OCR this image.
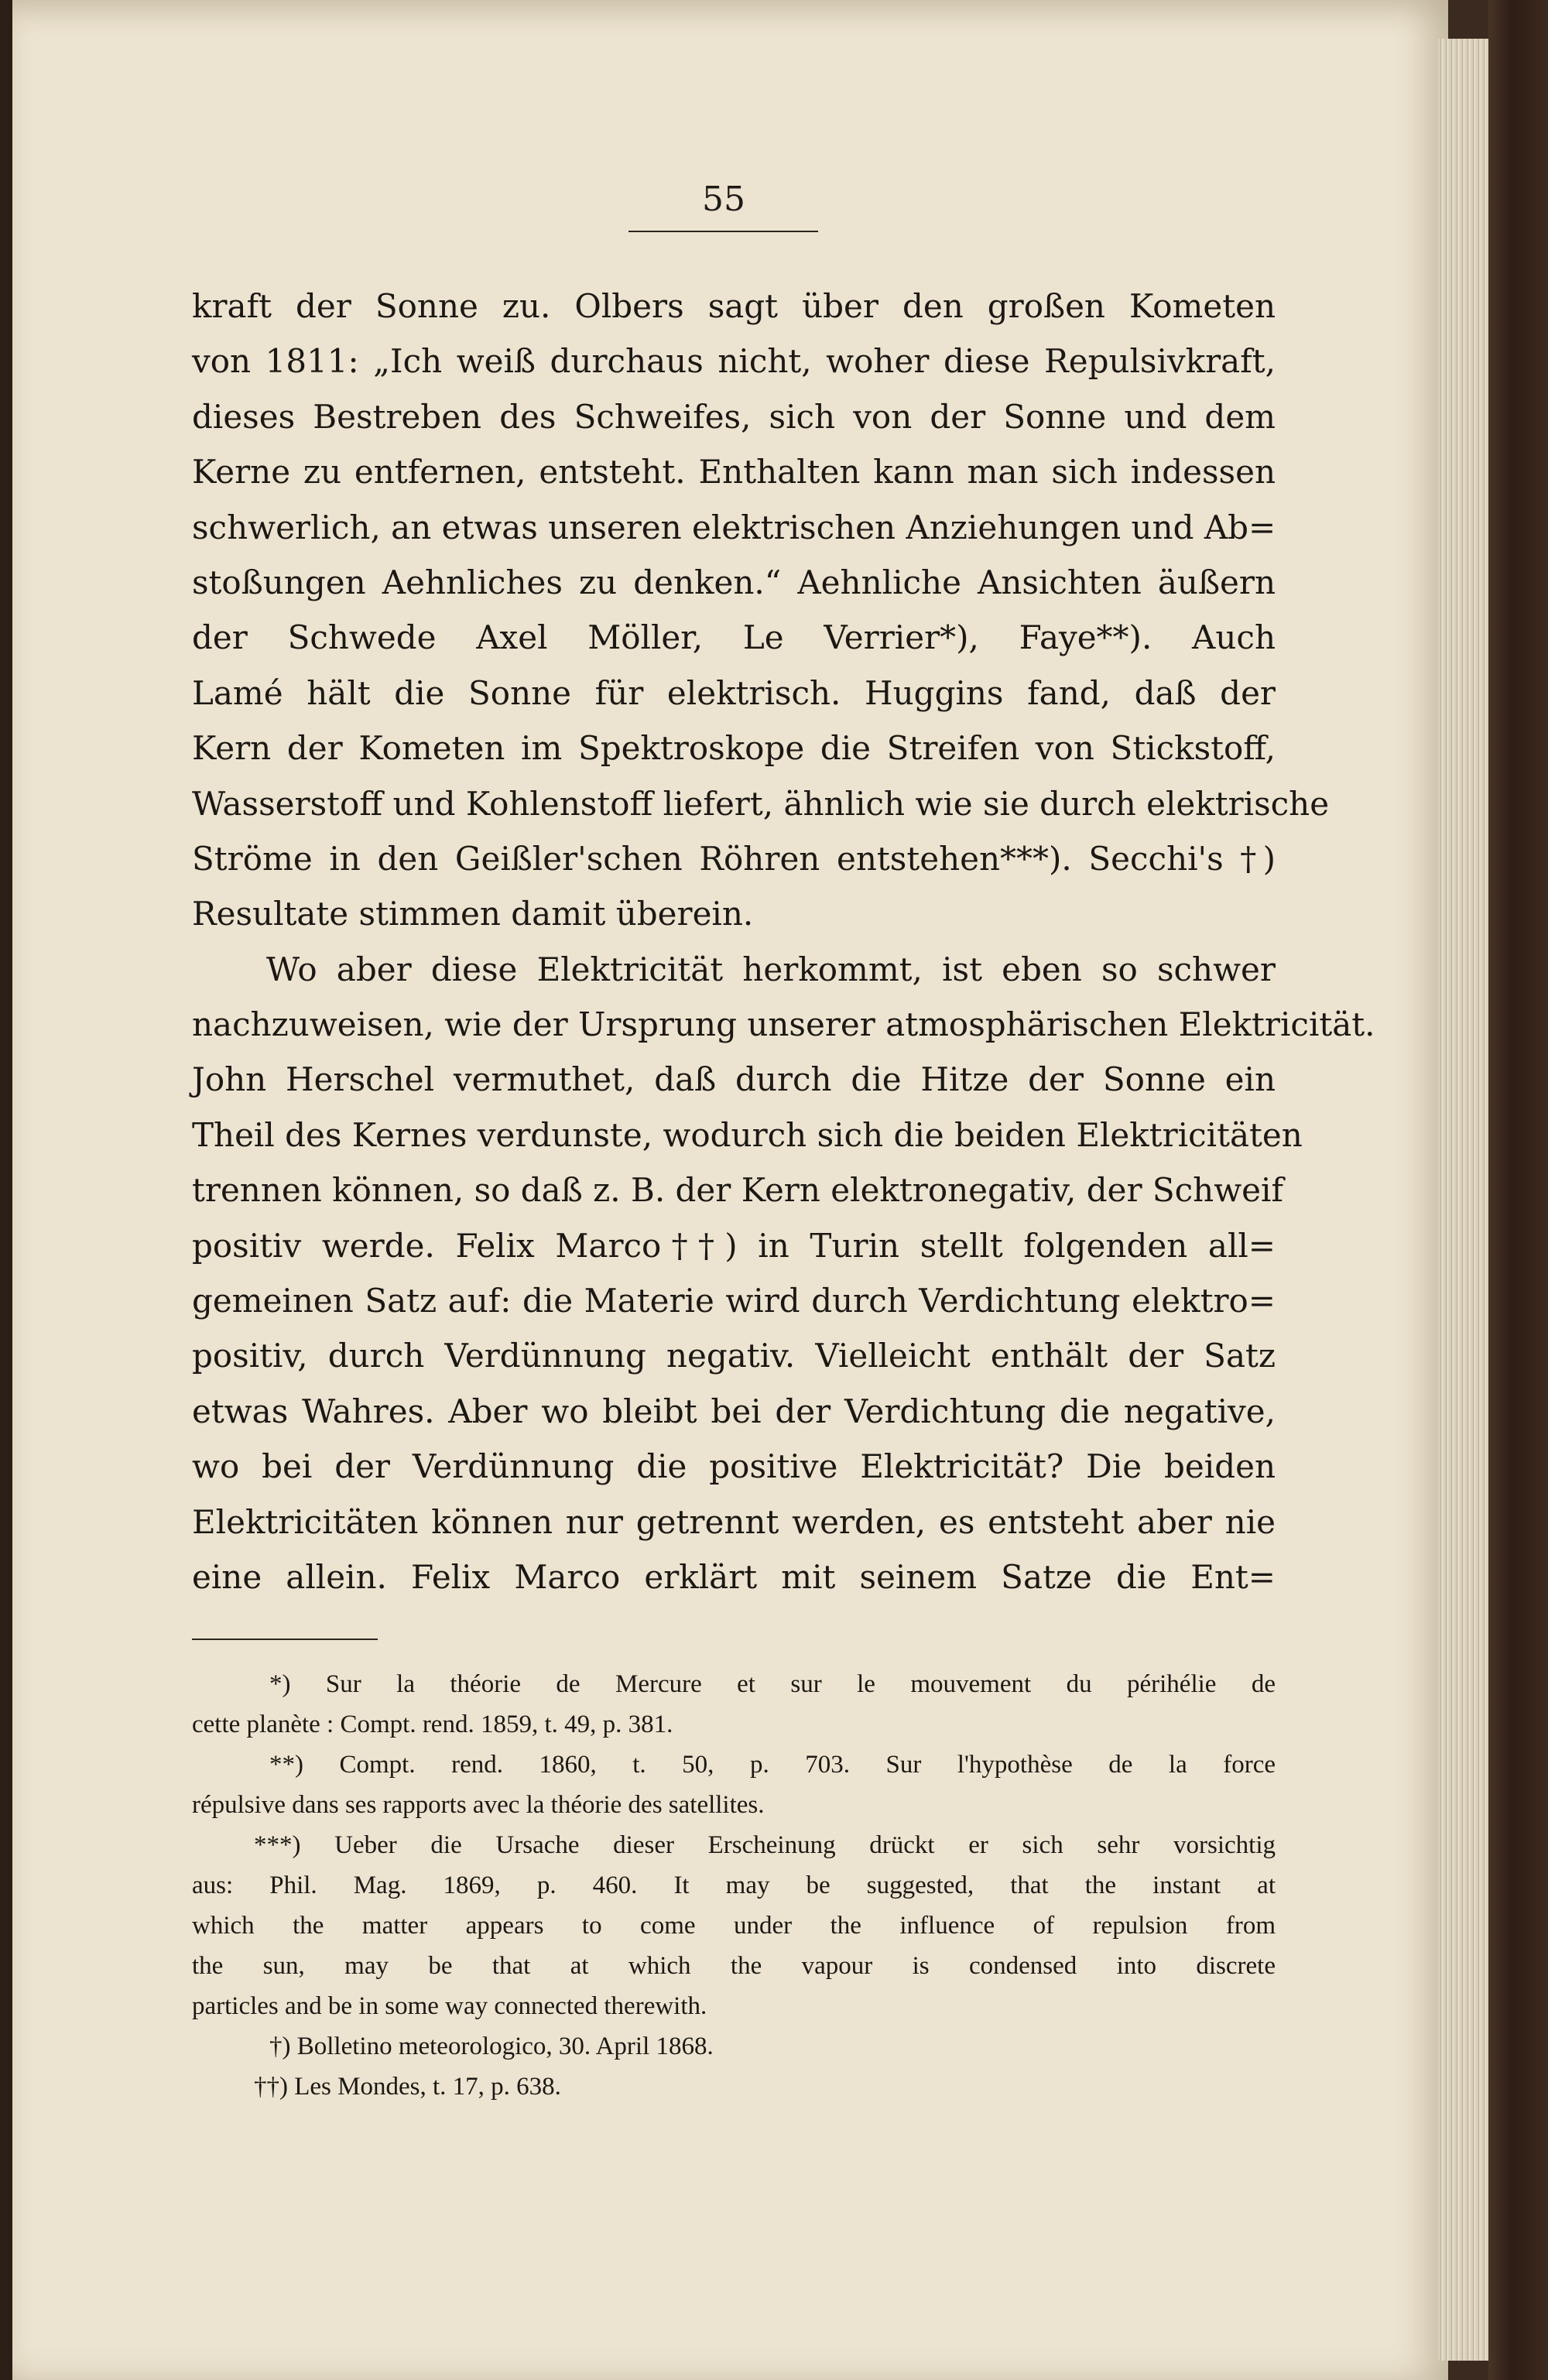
55
kraft der Sonne zu. Olbers sagt über den großen Kometen
von 1811: „Ich weiß durchaus nicht, woher diese Repulsivkraft,
dieses Bestreben des Schweifes, sich von der Sonne und dem
Kerne zu entfernen, entsteht. Enthalten kann man sich indessen
schwerlich, an etwas unseren elektrischen Anziehungen und Ab=
stoßungen Aehnliches zu denken.“ Aehnliche Ansichten äußern
der Schwede Axel Möller, Le Verrier*), Faye**). Auch
Lamé hält die Sonne für elektrisch. Huggins fand, daß der
Kern der Kometen im Spektroskope die Streifen von Stickstoff,
Wasserstoff und Kohlenstoff liefert, ähnlich wie sie durch elektrische
Ströme in den Geißler'schen Röhren entstehen***). Secchi's †)
Resultate stimmen damit überein.
Wo aber diese Elektricität herkommt, ist eben so schwer
nachzuweisen, wie der Ursprung unserer atmosphärischen Elektricität.
John Herschel vermuthet, daß durch die Hitze der Sonne ein
Theil des Kernes verdunste, wodurch sich die beiden Elektricitäten
trennen können, so daß z. B. der Kern elektronegativ, der Schweif
positiv werde. Felix Marco††) in Turin stellt folgenden all=
gemeinen Satz auf: die Materie wird durch Verdichtung elektro=
positiv, durch Verdünnung negativ. Vielleicht enthält der Satz
etwas Wahres. Aber wo bleibt bei der Verdichtung die negative,
wo bei der Verdünnung die positive Elektricität? Die beiden
Elektricitäten können nur getrennt werden, es entsteht aber nie
eine allein. Felix Marco erklärt mit seinem Satze die Ent=
*) Sur la théorie de Mercure et sur le mouvement du périhélie de
cette planète : Compt. rend. 1859, t. 49, p. 381.
**) Compt. rend. 1860, t. 50, p. 703. Sur l'hypothèse de la force
répulsive dans ses rapports avec la théorie des satellites.
***) Ueber die Ursache dieser Erscheinung drückt er sich sehr vorsichtig
aus: Phil. Mag. 1869, p. 460. It may be suggested, that the instant at
which the matter appears to come under the influence of repulsion from
the sun, may be that at which the vapour is condensed into discrete
particles and be in some way connected therewith.
†) Bolletino meteorologico, 30. April 1868.
††) Les Mondes, t. 17, p. 638.
